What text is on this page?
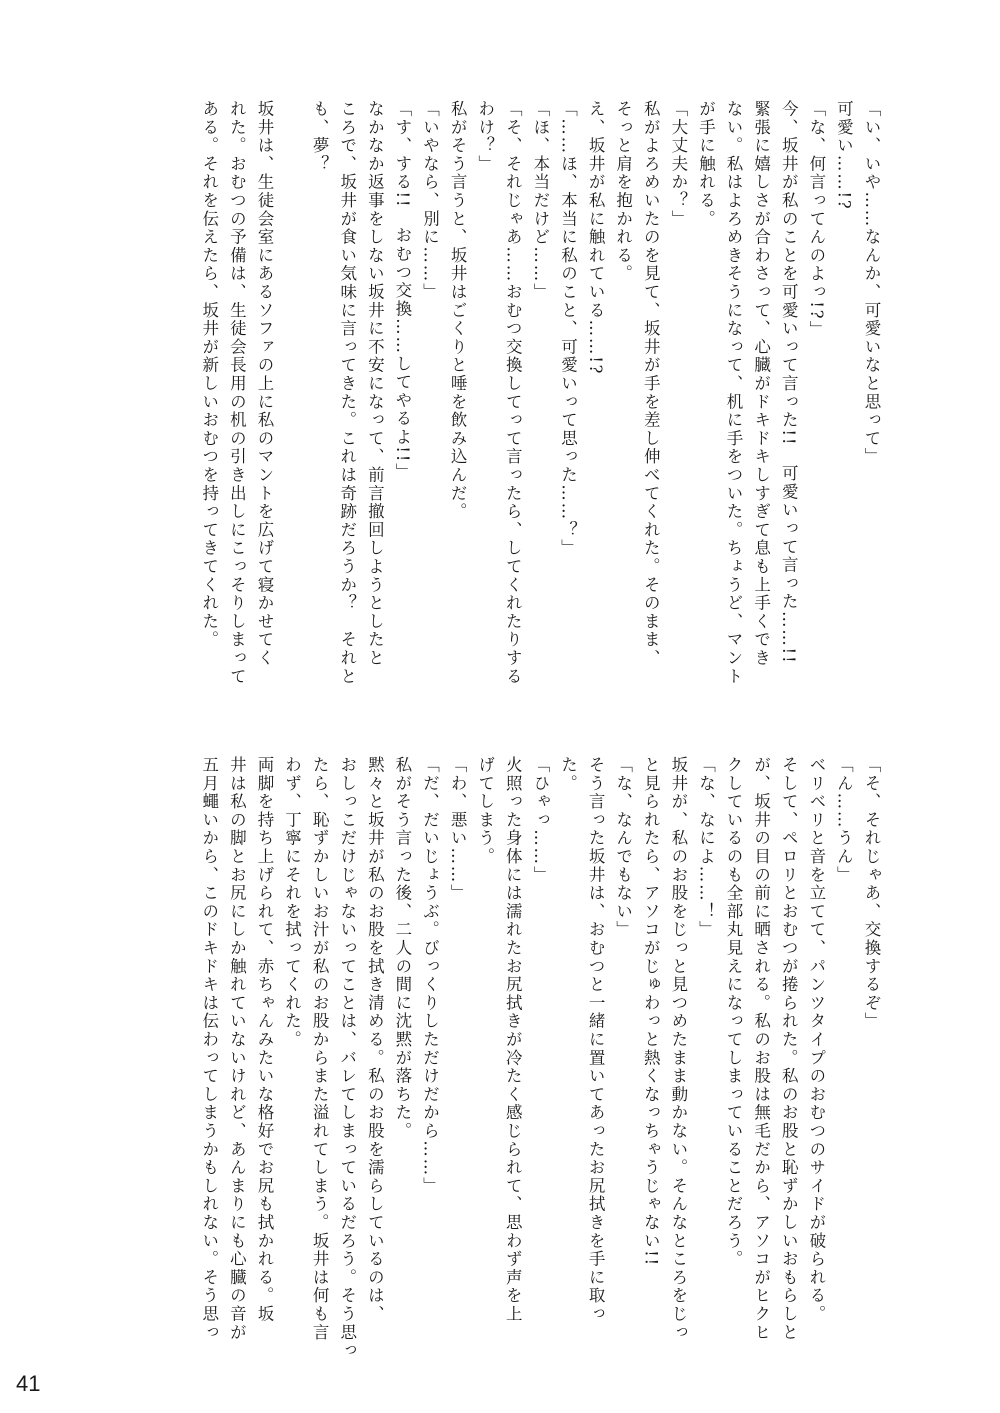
「い、いや……なんか、可愛いなと思って」
可愛い……!?
「な、何言ってんのよっ!?」
今、坂井が私のことを可愛いって言った!!　可愛いって言った……!!
緊張に嬉しさが合わさって、心臓がドキドキしすぎて息も上手くでき
ない。私はよろめきそうになって、机に手をついた。ちょうど、マント
が手に触れる。
「大丈夫か？」
私がよろめいたのを見て、坂井が手を差し伸べてくれた。そのまま、
そっと肩を抱かれる。
え、坂井が私に触れている……!?
「……ほ、本当に私のこと、可愛いって思った……？」
「ほ、本当だけど……」
「そ、それじゃあ……おむつ交換してって言ったら、してくれたりする
わけ？」
私がそう言うと、坂井はごくりと唾を飲み込んだ。
「いやなら、別に……」
「す、する!!　おむつ交換……してやるよ!!」
なかなか返事をしない坂井に不安になって、前言撤回しようとしたと
ころで、坂井が食い気味に言ってきた。これは奇跡だろうか？　それと
も、夢？

坂井は、生徒会室にあるソファの上に私のマントを広げて寝かせてく
れた。おむつの予備は、生徒会長用の机の引き出しにこっそりしまって
ある。それを伝えたら、坂井が新しいおむつを持ってきてくれた。
「そ、それじゃあ、交換するぞ」
「ん……うん」
ベリベリと音を立てて、パンツタイプのおむつのサイドが破られる。
そして、ペロリとおむつが捲られた。私のお股と恥ずかしいおもらしと
が、坂井の目の前に晒される。私のお股は無毛だから、アソコがヒクヒ
クしているのも全部丸見えになってしまっていることだろう。
「な、なによ……！」
坂井が、私のお股をじっと見つめたまま動かない。そんなところをじっ
と見られたら、アソコがじゅわっと熱くなっちゃうじゃない!!
「な、なんでもない」
そう言った坂井は、おむつと一緒に置いてあったお尻拭きを手に取っ
た。
「ひゃっ……」
火照った身体には濡れたお尻拭きが冷たく感じられて、思わず声を上
げてしまう。
「わ、悪い……」
「だ、だいじょうぶ。びっくりしただけだから……」
私がそう言った後、二人の間に沈黙が落ちた。
黙々と坂井が私のお股を拭き清める。私のお股を濡らしているのは、
おしっこだけじゃないってことは、バレてしまっているだろう。そう思っ
たら、恥ずかしいお汁が私のお股からまた溢れてしまう。坂井は何も言
わず、丁寧にそれを拭ってくれた。
両脚を持ち上げられて、赤ちゃんみたいな格好でお尻も拭かれる。坂
井は私の脚とお尻にしか触れていないけれど、あんまりにも心臓の音が
五月蠅いから、このドキドキは伝わってしまうかもしれない。そう思っ
41
